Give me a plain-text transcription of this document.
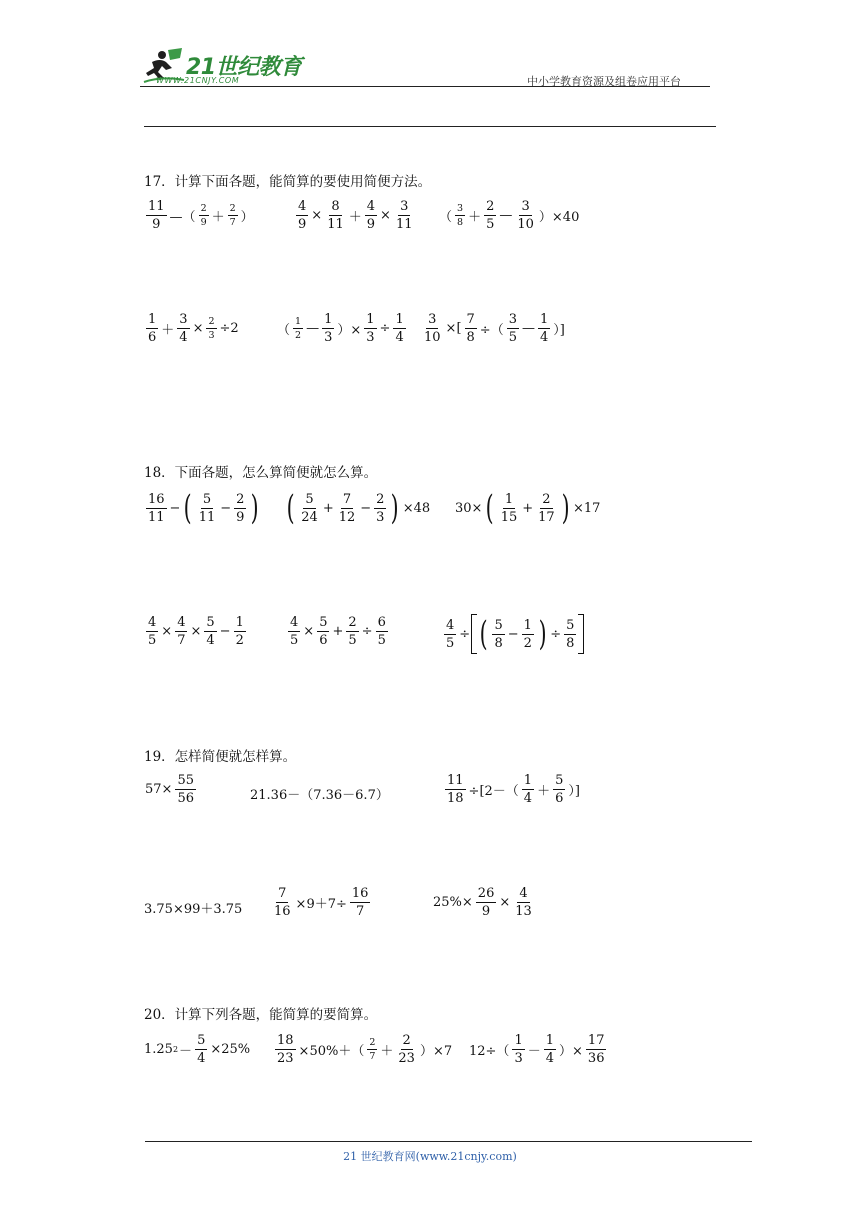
21世纪教育
WWW.21CNJY.COM	中小学教育资源及组卷应用平台
17．计算下面各题，能简算的要使用简便方法。
$\frac{11}{9}$ —（ $\frac{2}{9} + \frac{2}{7}$ ）	$\frac{4}{9} \times \frac{8}{11} + \frac{4}{9} \times \frac{3}{11}$ （ $\frac{3}{8} + \frac{2}{5}$ — $\frac{3}{10} )\times 40$
$\frac{1}{6} + \frac{3}{4} \times \frac{2}{3} \div 2$	（ $\frac{1}{2}$ — $\frac{1}{3}$ ）× $\frac{1}{3} \div \frac{1}{4} \frac{3}{10}$ ×[ $\frac{7}{8}$ ÷（ $\frac{3}{5}$ — $\frac{1}{4}$ ）]
18．下面各题，怎么算简便就怎么算。
$\frac{16}{11}$ − ( $\frac{5}{11} - \frac{2}{9}$ ) ( $\frac{5}{24} + \frac{7}{12} - \frac{2}{3}$ ) ×48 30× ( $\frac{1}{15} + \frac{2}{17}$ ) ×17
$\frac{4}{5} \times \frac{4}{7} \times \frac{5}{4} - \frac{1}{2}$	$\frac{4}{5} \times \frac{5}{6} + \frac{2}{5} \div \frac{6}{5}$	$\frac{4}{5}$ ÷ ( $\frac{5}{8} - \frac{1}{2}$ ) ÷ $\frac{5}{8}$
19．怎样简便就怎样算。
$57\times \frac{55}{56}$	21.36－（7.36－6.7）	$\frac{11}{18} \div[2-( \frac{1}{4} + \frac{5}{6}$ ）]
$3.75\times 99+3.75 \frac{7}{16} \times 9+7\div \frac{16}{7}$	$25\%\times \frac{26}{9} \times \frac{4}{13}$
20．计算下列各题，能简算的要简算。
1.25 $2 - \frac{5}{4} \times 25\% \frac{18}{23} \times 50\%+( \frac{2}{7} + \frac{2}{23} )\times 7$ $12\div( \frac{1}{3} - \frac{1}{4}$ ）× $\frac{17}{36}$
21 世纪教育网(www.21cnjy.com)
